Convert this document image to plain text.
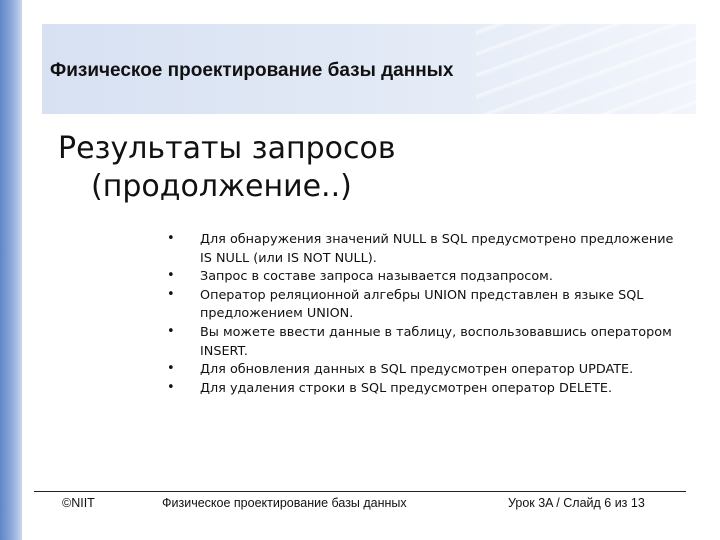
Физическое проектирование базы данных
Результаты запросов
(продолжение..)
• Для обнаружения значений NULL в SQL предусмотрено предложение IS NULL (или IS NOT NULL).
• Запрос в составе запроса называется подзапросом.
• Оператор реляционной алгебры UNION представлен в языке SQL предложением UNION.
• Вы можете ввести данные в таблицу, воспользовавшись оператором INSERT.
• Для обновления данных в SQL предусмотрен оператор UPDATE.
• Для удаления строки в SQL предусмотрен оператор DELETE.
©NIIT	Физическое проектирование базы данных	Урок 3A / Слайд 6 из 13
